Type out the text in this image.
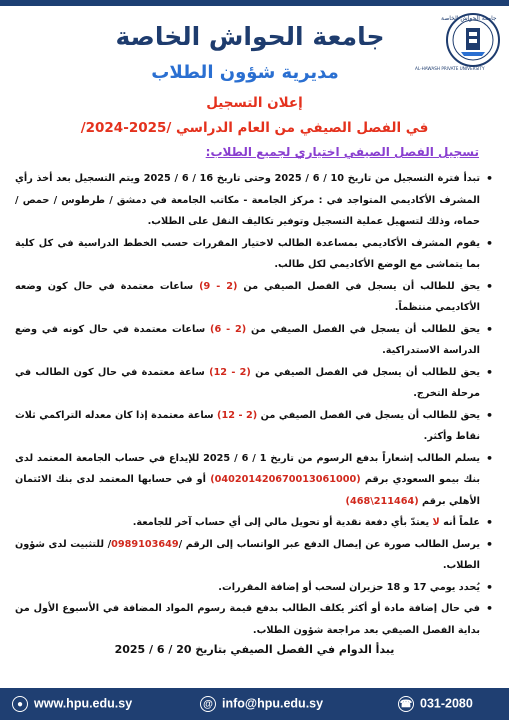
جامعة الحواش الخاصة
AL-HAWASH PRIVATE UNIVERSITY
جامعة الحواش الخاصة
مديرية شؤون الطلاب
إعلان التسجيل
في الفصل الصيفي من العام الدراسي /2025-2024/
تسجيل الفصل الصيفي اختياري لجميع الطلاب:
• تبدأ فترة التسجيل من تاريخ 10 / 6 / 2025 وحتى تاريخ 16 / 6 / 2025 ويتم التسجيل بعد أخذ رأي المشرف الأكاديمي المتواجد في : مركز الجامعة - مكاتب الجامعة في دمشق / طرطوس / حمص / حماه، وذلك لتسهيل عملية التسجيل وتوفير تكاليف النقل على الطلاب.
• يقوم المشرف الأكاديمي بمساعدة الطالب لاختيار المقررات حسب الخطط الدراسية في كل كلية بما يتماشى مع الوضع الأكاديمي لكل طالب.
• يحق للطالب أن يسجل في الفصل الصيفي من (2 - 9) ساعات معتمدة في حال كون وضعه الأكاديمي منتظماً.
• يحق للطالب أن يسجل في الفصل الصيفي من (2 - 6) ساعات معتمدة في حال كونه في وضع الدراسة الاستدراكية.
• يحق للطالب أن يسجل في الفصل الصيفي من (2 - 12) ساعة معتمدة في حال كون الطالب في مرحلة التخرج.
• يحق للطالب أن يسجل في الفصل الصيفي من (2 - 12) ساعة معتمدة إذا كان معدله التراكمي ثلاث نقاط وأكثر.
• يسلم الطالب إشعاراً بدفع الرسوم من تاريخ 1 / 6 / 2025 للإيداع في حساب الجامعة المعتمد لدى بنك بيمو السعودي برقم (040201420670013061000) أو في حسابها المعتمد لدى بنك الائتمان الأهلي برقم (211464\468)
• علماً أنه لا يعتدّ بأي دفعة نقدية أو تحويل مالي إلى أي حساب آخر للجامعة.
• يرسل الطالب صورة عن إيصال الدفع عبر الواتساب إلى الرقم /0989103649/ للتثبيت لدى شؤون الطلاب.
• يُحدد يومي 17 و 18 حزيران لسحب أو إضافة المقررات.
• في حال إضافة مادة أو أكثر يكلف الطالب بدفع قيمة رسوم المواد المضافة في الأسبوع الأول من بداية الفصل الصيفي بعد مراجعة شؤون الطلاب.
يبدأ الدوام في الفصل الصيفي بتاريخ 20 / 6 / 2025
● www.hpu.edu.sy	@ info@hpu.edu.sy	☎ 031-2080
